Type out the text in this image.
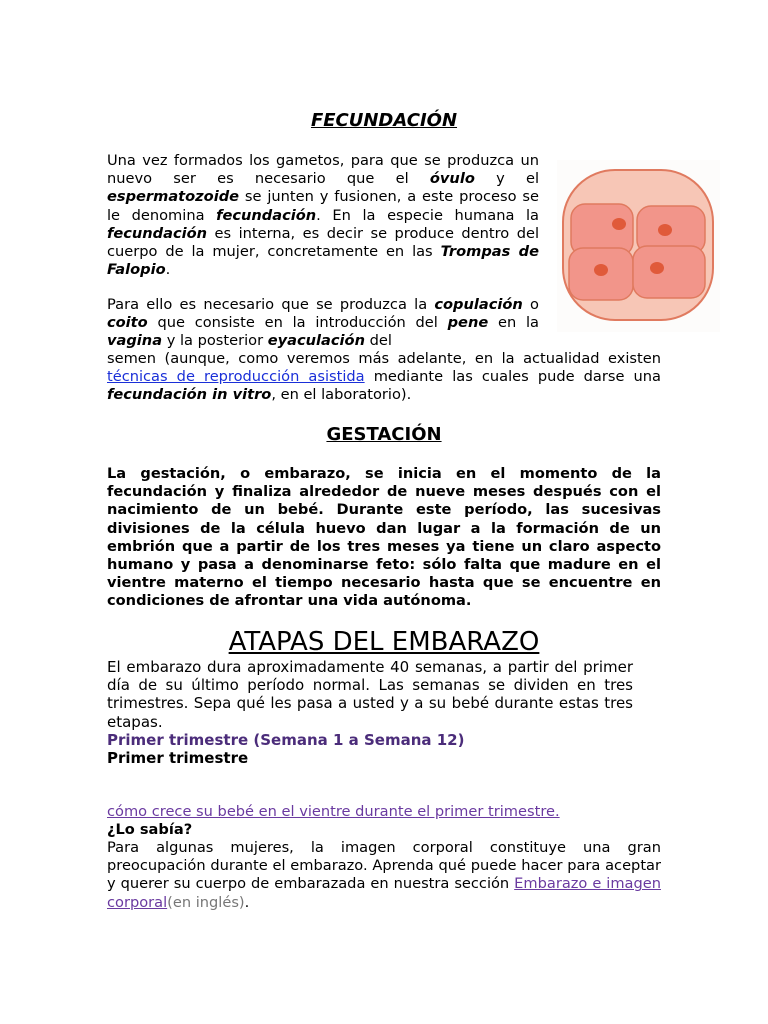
FECUNDACIÓN

Una vez formados los gametos, para que se produzca un nuevo ser es necesario que el óvulo y el espermatozoide se junten y fusionen, a este proceso se le denomina fecundación. En la especie humana la fecundación es interna, es decir se produce dentro del cuerpo de la mujer, concretamente en las Trompas de Falopio.

Para ello es necesario que se produzca la copulación o coito que consiste en la introducción del pene en la vagina y la posterior eyaculación del

semen (aunque, como veremos más adelante, en la actualidad existen técnicas de reproducción asistida mediante las cuales pude darse una fecundación in vitro, en el laboratorio).

GESTACIÓN

La gestación, o embarazo, se inicia en el momento de la fecundación y finaliza alrededor de nueve meses después con el nacimiento de un bebé. Durante este período, las sucesivas divisiones de la célula huevo dan lugar a la formación de un embrión que a partir de los tres meses ya tiene un claro aspecto humano y pasa a denominarse feto: sólo falta que madure en el vientre materno el tiempo necesario hasta que se encuentre en condiciones de afrontar una vida autónoma.

ATAPAS DEL EMBARAZO

El embarazo dura aproximadamente 40 semanas, a partir del primer día de su último período normal. Las semanas se dividen en tres trimestres. Sepa qué les pasa a usted y a su bebé durante estas tres etapas.

Primer trimestre (Semana 1 a Semana 12)

Primer trimestre

cómo crece su bebé en el vientre durante el primer trimestre.

¿Lo sabía?

Para algunas mujeres, la imagen corporal constituye una gran preocupación durante el embarazo. Aprenda qué puede hacer para aceptar y querer su cuerpo de embarazada en nuestra sección Embarazo e imagen corporal(en inglés).
